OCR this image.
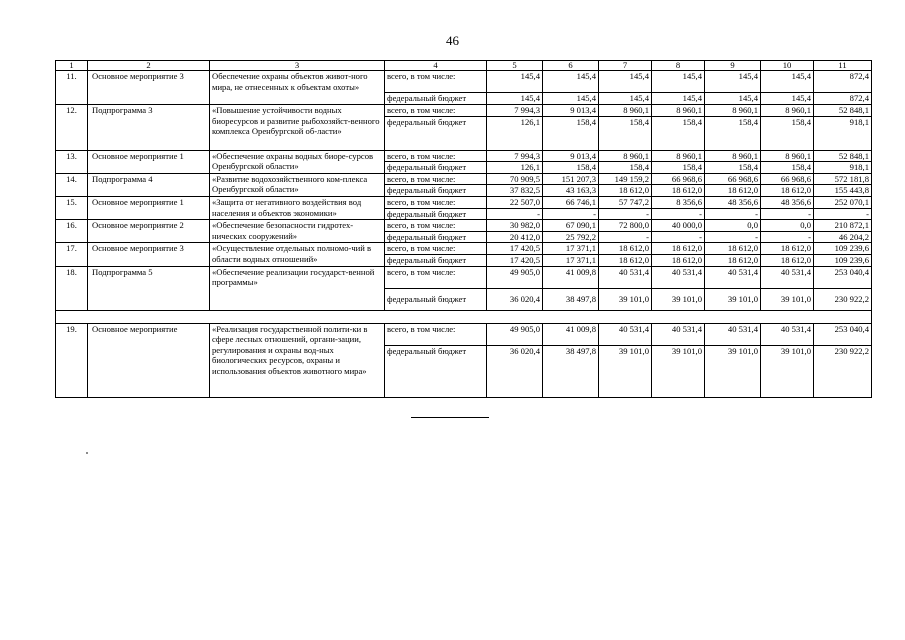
46
1	2	3	4	5	6	7	8	9	10	11
11.	Основное мероприятие 3	Обеспечение охраны объектов живот-ного мира, не отнесенных к объектам охоты»	всего, в том числе:	145,4	145,4	145,4	145,4	145,4	145,4	872,4
			федеральный бюджет	145,4	145,4	145,4	145,4	145,4	145,4	872,4
12.	Подпрограмма 3	«Повышение устойчивости водных биоресурсов и развитие рыбохозяйст-венного комплекса Оренбургской об-ласти»	всего, в том числе:	7 994,3	9 013,4	8 960,1	8 960,1	8 960,1	8 960,1	52 848,1
			федеральный бюджет	126,1	158,4	158,4	158,4	158,4	158,4	918,1
13.	Основное мероприятие 1	«Обеспечение охраны водных биоре-сурсов Оренбургской области»	всего, в том числе:	7 994,3	9 013,4	8 960,1	8 960,1	8 960,1	8 960,1	52 848,1
			федеральный бюджет	126,1	158,4	158,4	158,4	158,4	158,4	918,1
14.	Подпрограмма 4	«Развитие водохозяйственного ком-плекса Оренбургской области»	всего, в том числе:	70 909,5	151 207,3	149 159,2	66 968,6	66 968,6	66 968,6	572 181,8
			федеральный бюджет	37 832,5	43 163,3	18 612,0	18 612,0	18 612,0	18 612,0	155 443,8
15.	Основное мероприятие 1	«Защита от негативного воздействия вод населения и объектов экономики»	всего, в том числе:	22 507,0	66 746,1	57 747,2	8 356,6	48 356,6	48 356,6	252 070,1
			федеральный бюджет	-	-	-	-	-	-	-
16.	Основное мероприятие 2	«Обеспечение безопасности гидротех-нических сооружений»	всего, в том числе:	30 982,0	67 090,1	72 800,0	40 000,0	0,0	0,0	210 872,1
			федеральный бюджет	20 412,0	25 792,2	-	-	-	-	46 204,2
17.	Основное мероприятие 3	«Осуществление отдельных полномо-чий в области водных отношений»	всего, в том числе:	17 420,5	17 371,1	18 612,0	18 612,0	18 612,0	18 612,0	109 239,6
			федеральный бюджет	17 420,5	17 371,1	18 612,0	18 612,0	18 612,0	18 612,0	109 239,6
18.	Подпрограмма 5	«Обеспечение реализации государст-венной программы»	всего, в том числе:	49 905,0	41 009,8	40 531,4	40 531,4	40 531,4	40 531,4	253 040,4
			федеральный бюджет	36 020,4	38 497,8	39 101,0	39 101,0	39 101,0	39 101,0	230 922,2

19.	Основное мероприятие	«Реализация государственной полити-ки в сфере лесных отношений, органи-зации, регулирования и охраны вод-ных биологических ресурсов, охраны и использования объектов животного мира»	всего, в том числе:	49 905,0	41 009,8	40 531,4	40 531,4	40 531,4	40 531,4	253 040,4
			федеральный бюджет	36 020,4	38 497,8	39 101,0	39 101,0	39 101,0	39 101,0	230 922,2
